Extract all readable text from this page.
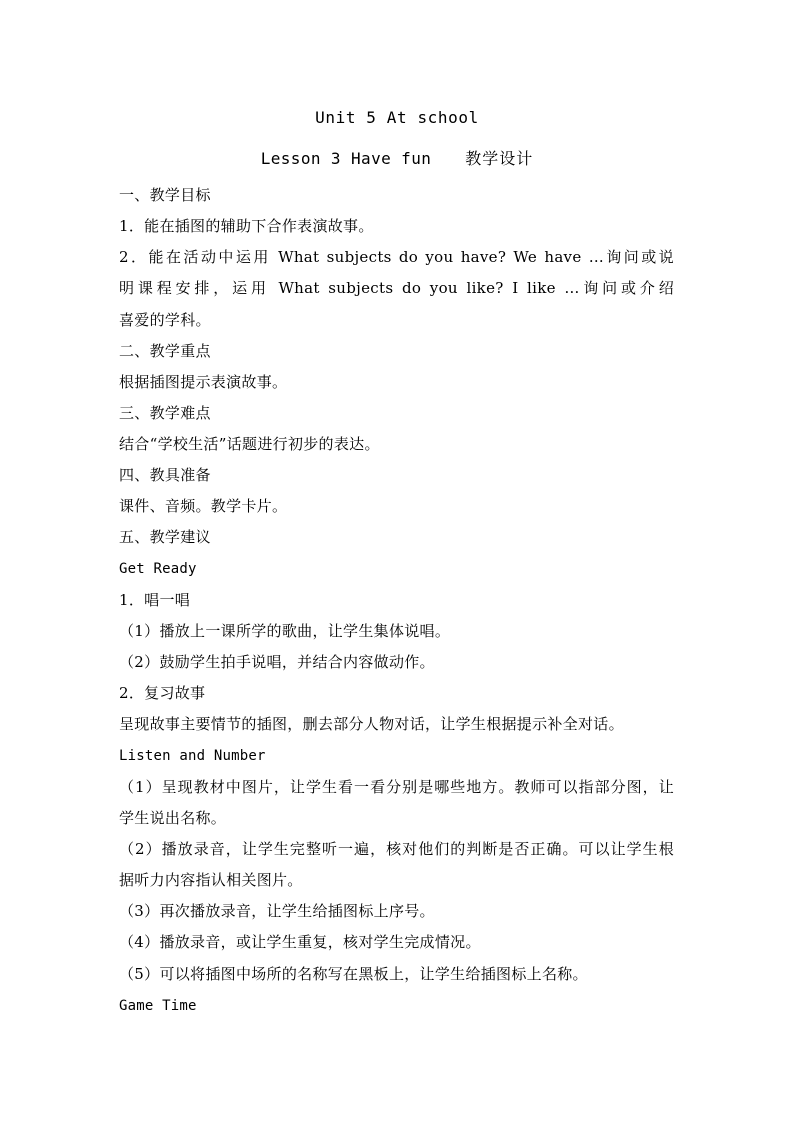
Unit 5 At school
Lesson 3 Have fun 教学设计
一、教学目标
1．能在插图的辅助下合作表演故事。
2．能在活动中运用 What subjects do you have? We have …询问或说
明课程安排，运用 What subjects do you like? I like …询问或介绍
喜爱的学科。
二、教学重点
根据插图提示表演故事。
三、教学难点
结合“学校生活”话题进行初步的表达。
四、教具准备
课件、音频。教学卡片。
五、教学建议
Get Ready
1．唱一唱
（1）播放上一课所学的歌曲，让学生集体说唱。
（2）鼓励学生拍手说唱，并结合内容做动作。
2．复习故事
呈现故事主要情节的插图，删去部分人物对话，让学生根据提示补全对话。
Listen and Number
（1）呈现教材中图片，让学生看一看分别是哪些地方。教师可以指部分图，让
学生说出名称。
（2）播放录音，让学生完整听一遍，核对他们的判断是否正确。可以让学生根
据听力内容指认相关图片。
（3）再次播放录音，让学生给插图标上序号。
（4）播放录音，或让学生重复，核对学生完成情况。
（5）可以将插图中场所的名称写在黑板上，让学生给插图标上名称。
Game Time
